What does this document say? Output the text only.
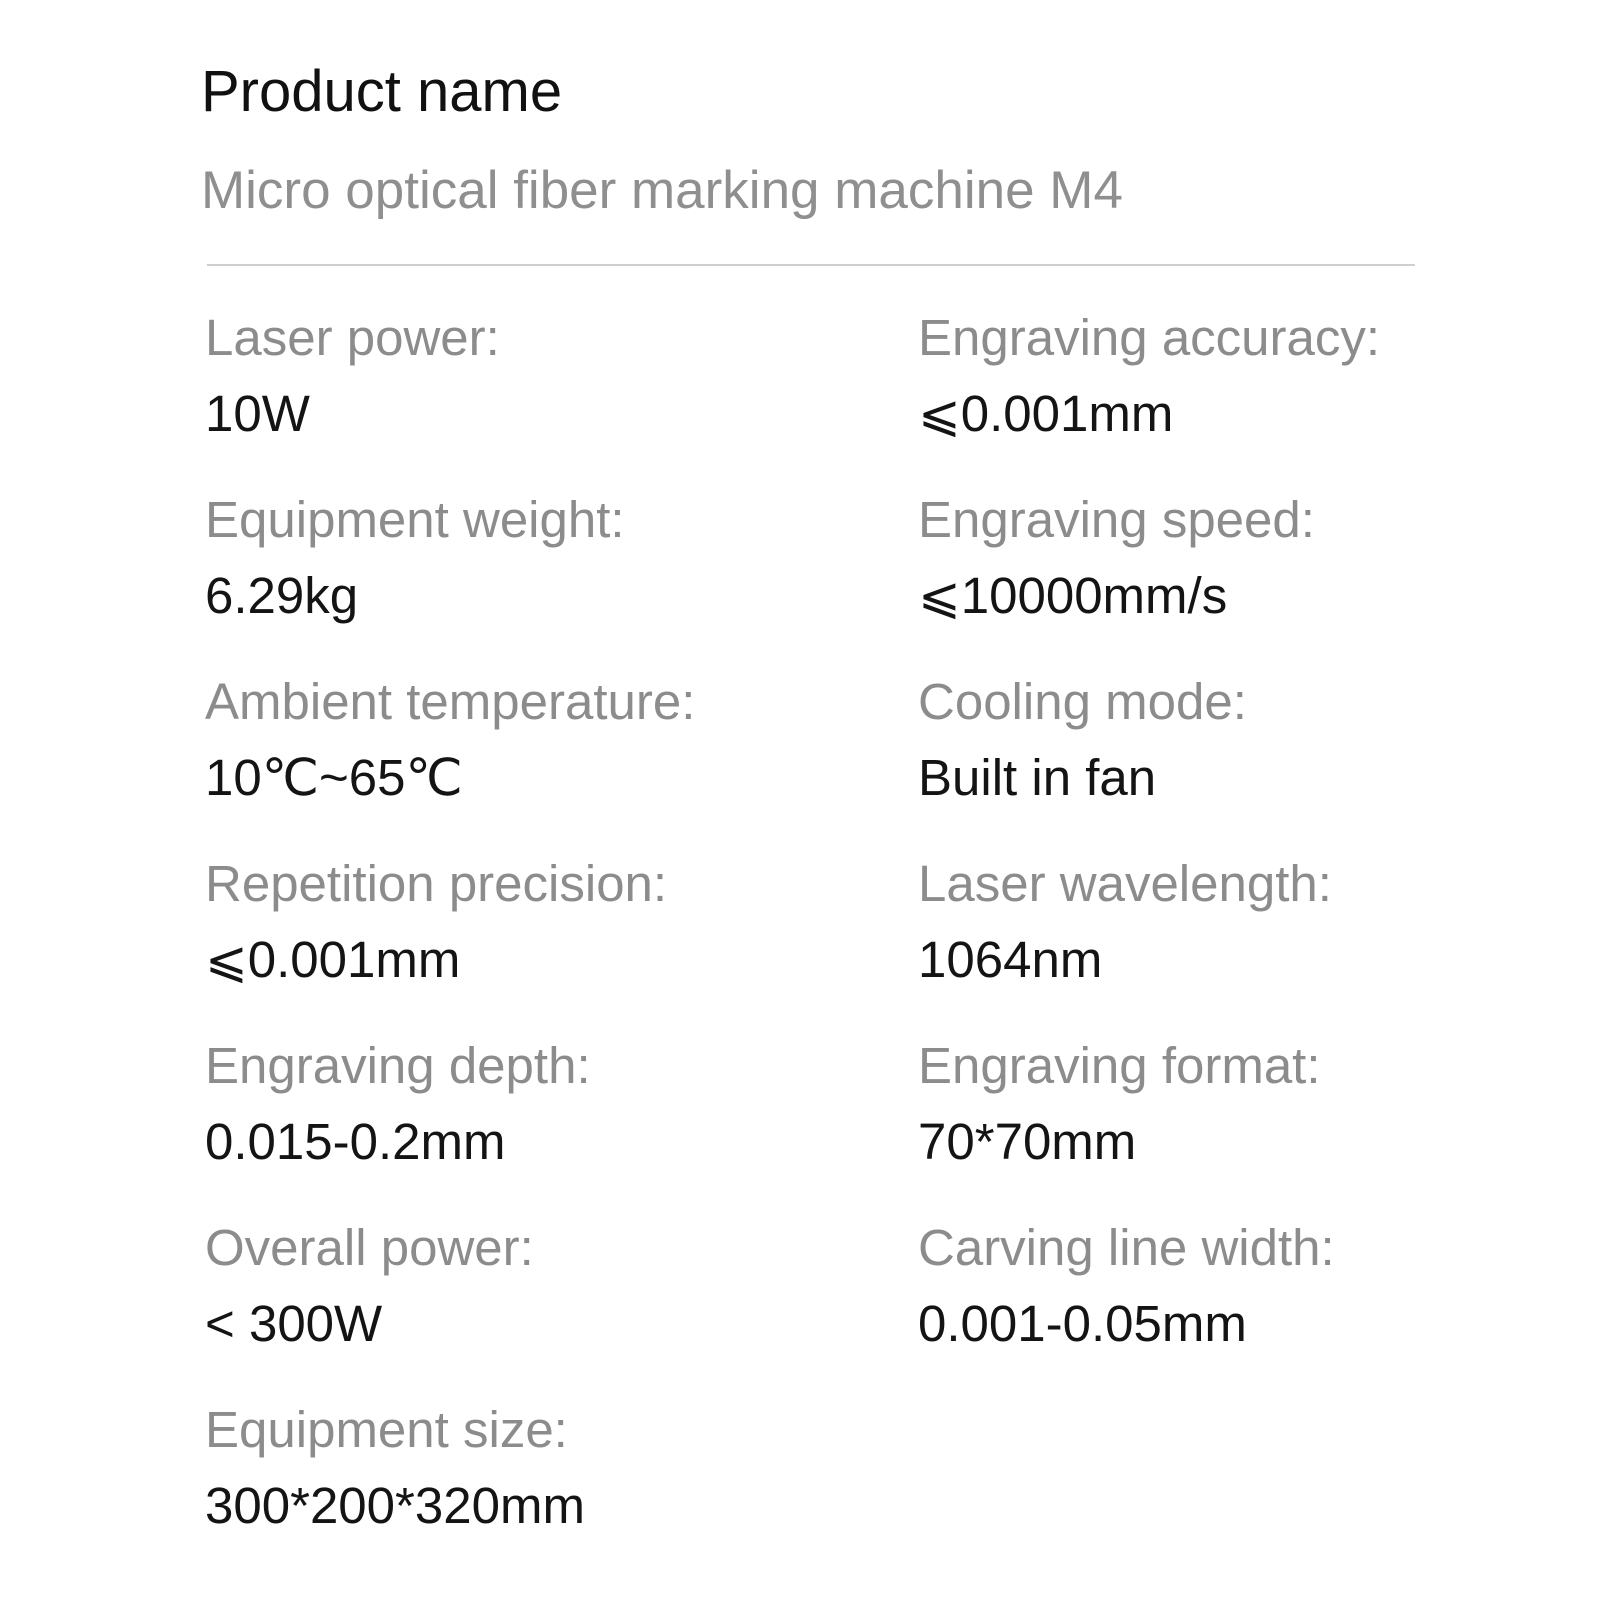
Product name
Micro optical fiber marking machine M4
Laser power:
10W
Equipment weight:
6.29kg
Ambient temperature:
10℃~65℃
Repetition precision:
⩽0.001mm
Engraving depth:
0.015-0.2mm
Overall power:
< 300W
Equipment size:
300*200*320mm
Engraving accuracy:
⩽0.001mm
Engraving speed:
⩽10000mm/s
Cooling mode:
Built in fan
Laser wavelength:
1064nm
Engraving format:
70*70mm
Carving line width:
0.001-0.05mm
